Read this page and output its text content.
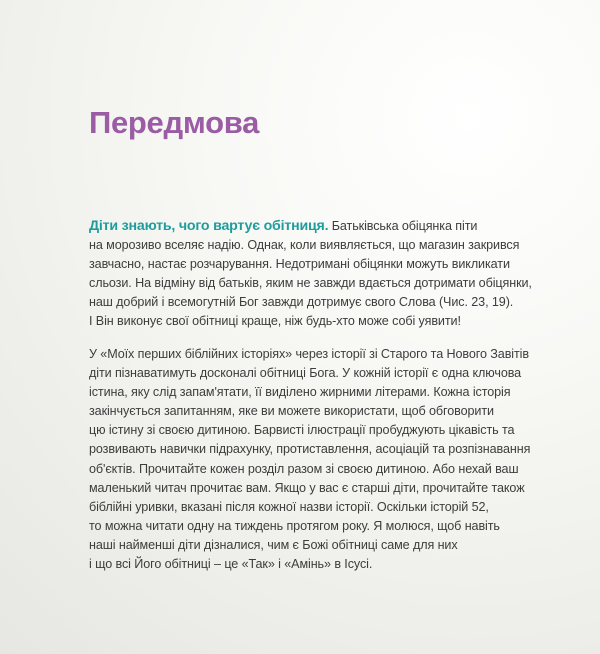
Передмова

Діти знають, чого вартує обітниця. Батьківська обіцянка піти
на морозиво вселяє надію. Однак, коли виявляється, що магазин закрився
завчасно, настає розчарування. Недотримані обіцянки можуть викликати
сльози. На відміну від батьків, яким не завжди вдається дотримати обіцянки,
наш добрий і всемогутній Бог завжди дотримує свого Слова (Чис. 23, 19).
І Він виконує свої обітниці краще, ніж будь-хто може собі уявити!

У «Моїх перших біблійних історіях» через історії зі Старого та Нового Завітів
діти пізнаватимуть досконалі обітниці Бога. У кожній історії є одна ключова
істина, яку слід запам'ятати, її виділено жирними літерами. Кожна історія
закінчується запитанням, яке ви можете використати, щоб обговорити
цю істину зі своєю дитиною. Барвисті ілюстрації пробуджують цікавість та
розвивають навички підрахунку, протиставлення, асоціацій та розпізнавання
об'єктів. Прочитайте кожен розділ разом зі своєю дитиною. Або нехай ваш
маленький читач прочитає вам. Якщо у вас є старші діти, прочитайте також
біблійні уривки, вказані після кожної назви історії. Оскільки історій 52,
то можна читати одну на тиждень протягом року. Я молюся, щоб навіть
наші найменші діти дізналися, чим є Божі обітниці саме для них
і що всі Його обітниці – це «Так» і «Амінь» в Ісусі.
